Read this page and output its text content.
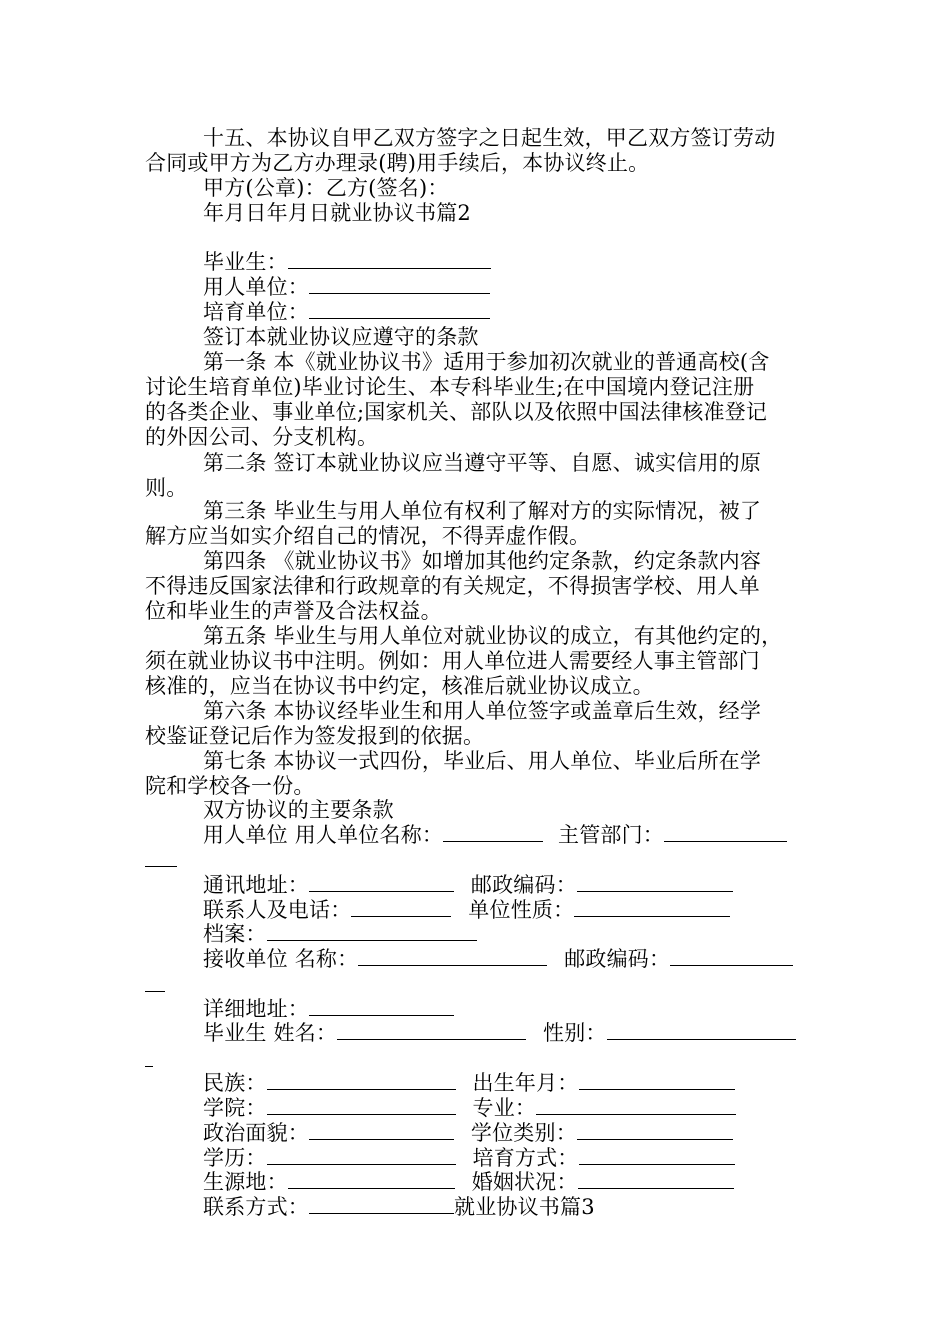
十五、本协议自甲乙双方签字之日起生效，甲乙双方签订劳动
合同或甲方为乙方办理录(聘)用手续后，本协议终止。
甲方(公章)：乙方(签名)：
年月日年月日就业协议书篇2
毕业生：
用人单位：
培育单位：
签订本就业协议应遵守的条款
第一条 本《就业协议书》适用于参加初次就业的普通高校(含
讨论生培育单位)毕业讨论生、本专科毕业生;在中国境内登记注册
的各类企业、事业单位;国家机关、部队以及依照中国法律核准登记
的外因公司、分支机构。
第二条 签订本就业协议应当遵守平等、自愿、诚实信用的原
则。
第三条 毕业生与用人单位有权利了解对方的实际情况，被了
解方应当如实介绍自己的情况，不得弄虚作假。
第四条 《就业协议书》如增加其他约定条款，约定条款内容
不得违反国家法律和行政规章的有关规定，不得损害学校、用人单
位和毕业生的声誉及合法权益。
第五条 毕业生与用人单位对就业协议的成立，有其他约定的，
须在就业协议书中注明。例如：用人单位进人需要经人事主管部门
核准的，应当在协议书中约定，核准后就业协议成立。
第六条 本协议经毕业生和用人单位签字或盖章后生效，经学
校鉴证登记后作为签发报到的依据。
第七条 本协议一式四份，毕业后、用人单位、毕业后所在学
院和学校各一份。
双方协议的主要条款
用人单位 用人单位名称：	主管部门：
通讯地址：	邮政编码：
联系人及电话：	单位性质：
档案：
接收单位 名称：	邮政编码：
详细地址：
毕业生 姓名：	性别：
民族：	出生年月：
学院：	专业：
政治面貌：	学位类别：
学历：	培育方式：
生源地：	婚姻状况：
联系方式：	就业协议书篇3
